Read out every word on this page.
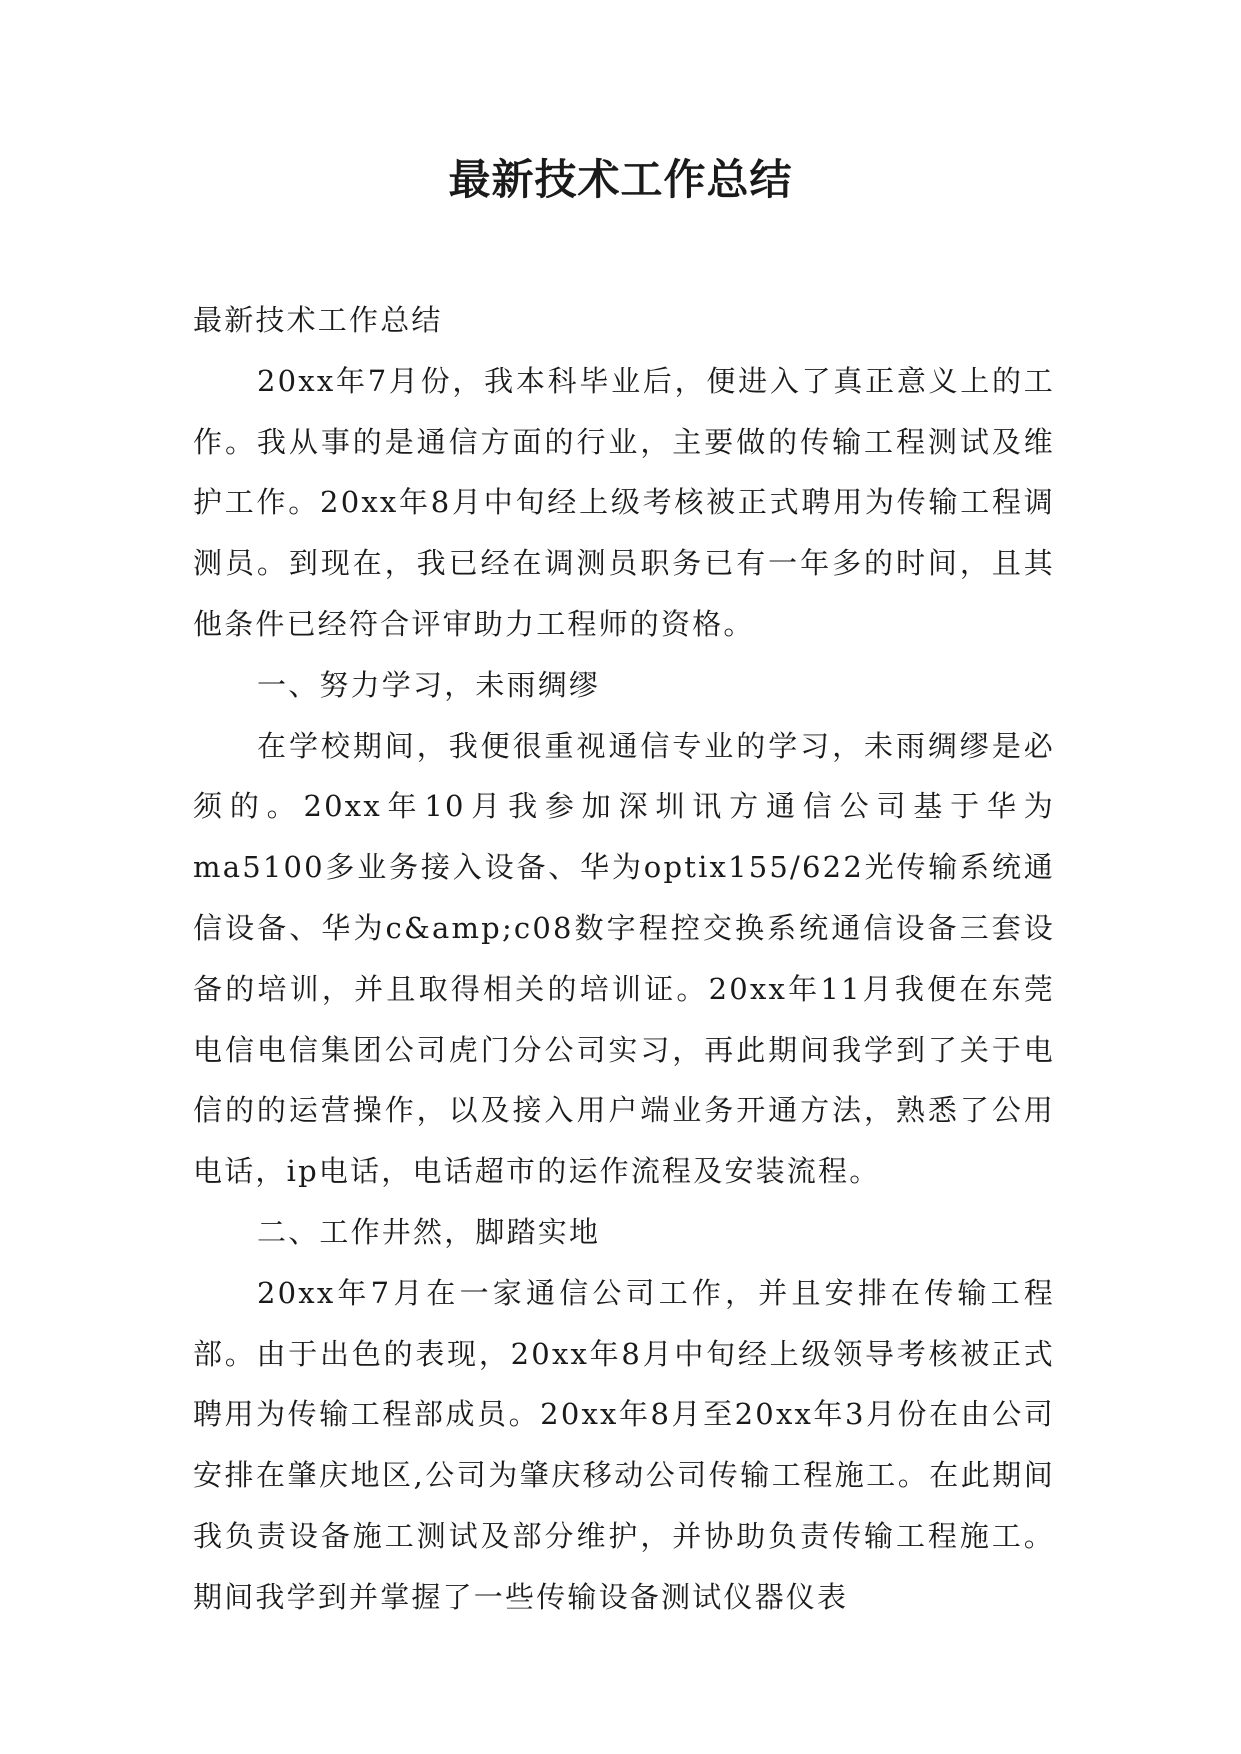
最新技术工作总结

最新技术工作总结

20xx年7月份，我本科毕业后，便进入了真正意义上的工作。我从事的是通信方面的行业，主要做的传输工程测试及维护工作。20xx年8月中旬经上级考核被正式聘用为传输工程调测员。到现在，我已经在调测员职务已有一年多的时间，且其他条件已经符合评审助力工程师的资格。

一、努力学习，未雨绸缪

在学校期间，我便很重视通信专业的学习，未雨绸缪是必须的。20xx年10月我参加深圳讯方通信公司基于华为ma5100多业务接入设备、华为optix155/622光传输系统通信设备、华为c&amp;c08数字程控交换系统通信设备三套设备的培训，并且取得相关的培训证。20xx年11月我便在东莞电信电信集团公司虎门分公司实习，再此期间我学到了关于电信的的运营操作，以及接入用户端业务开通方法，熟悉了公用电话，ip电话，电话超市的运作流程及安装流程。

二、工作井然，脚踏实地

20xx年7月在一家通信公司工作，并且安排在传输工程部。由于出色的表现，20xx年8月中旬经上级领导考核被正式聘用为传输工程部成员。20xx年8月至20xx年3月份在由公司安排在肇庆地区,公司为肇庆移动公司传输工程施工。在此期间我负责设备施工测试及部分维护，并协助负责传输工程施工。期间我学到并掌握了一些传输设备测试仪器仪表
